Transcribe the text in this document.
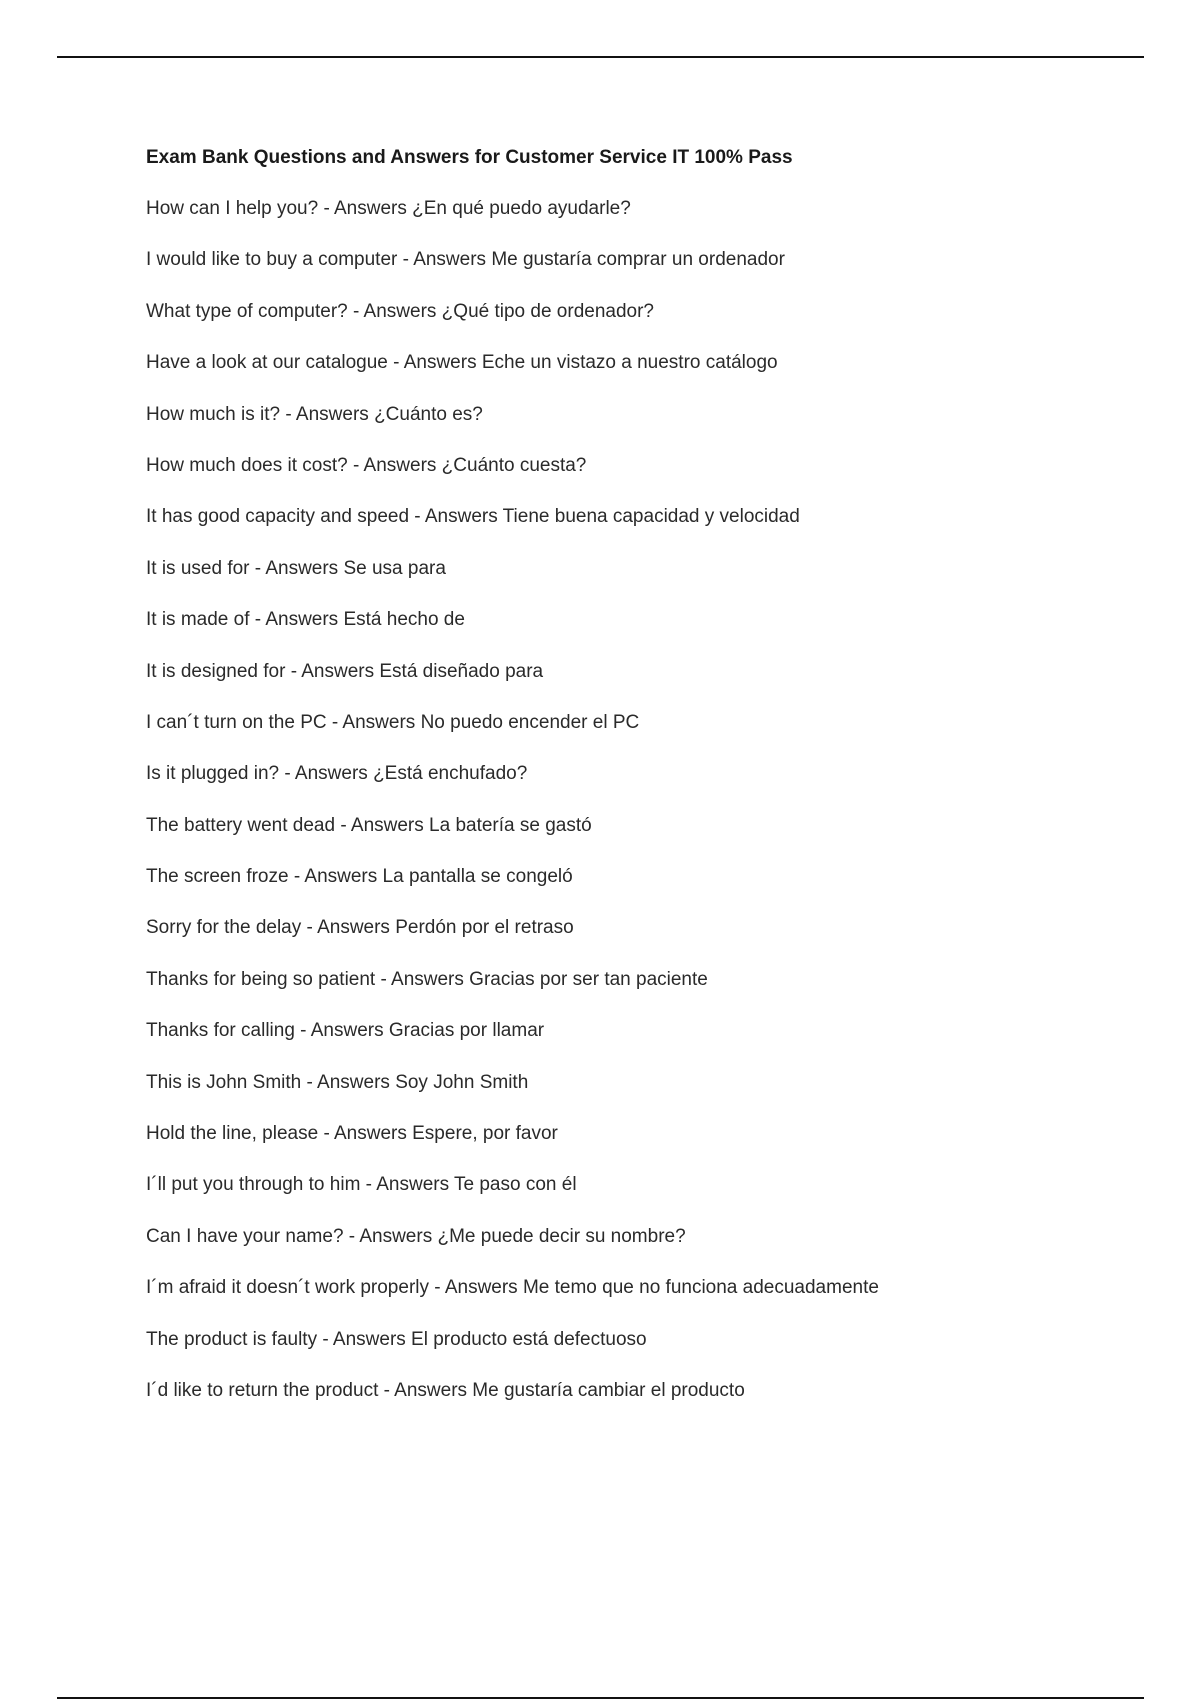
Exam Bank Questions and Answers for Customer Service IT 100% Pass
How can I help you? - Answers ¿En qué puedo ayudarle?
I would like to buy a computer - Answers Me gustaría comprar un ordenador
What type of computer? - Answers ¿Qué tipo de ordenador?
Have a look at our catalogue - Answers Eche un vistazo a nuestro catálogo
How much is it? - Answers ¿Cuánto es?
How much does it cost? - Answers ¿Cuánto cuesta?
It has good capacity and speed - Answers Tiene buena capacidad y velocidad
It is used for - Answers Se usa para
It is made of - Answers Está hecho de
It is designed for - Answers Está diseñado para
I can´t turn on the PC - Answers No puedo encender el PC
Is it plugged in? - Answers ¿Está enchufado?
The battery went dead - Answers La batería se gastó
The screen froze - Answers La pantalla se congeló
Sorry for the delay - Answers Perdón por el retraso
Thanks for being so patient - Answers Gracias por ser tan paciente
Thanks for calling - Answers Gracias por llamar
This is John Smith - Answers Soy John Smith
Hold the line, please - Answers Espere, por favor
I´ll put you through to him - Answers Te paso con él
Can I have your name? - Answers ¿Me puede decir su nombre?
I´m afraid it doesn´t work properly - Answers Me temo que no funciona adecuadamente
The product is faulty - Answers El producto está defectuoso
I´d like to return the product - Answers Me gustaría cambiar el producto
